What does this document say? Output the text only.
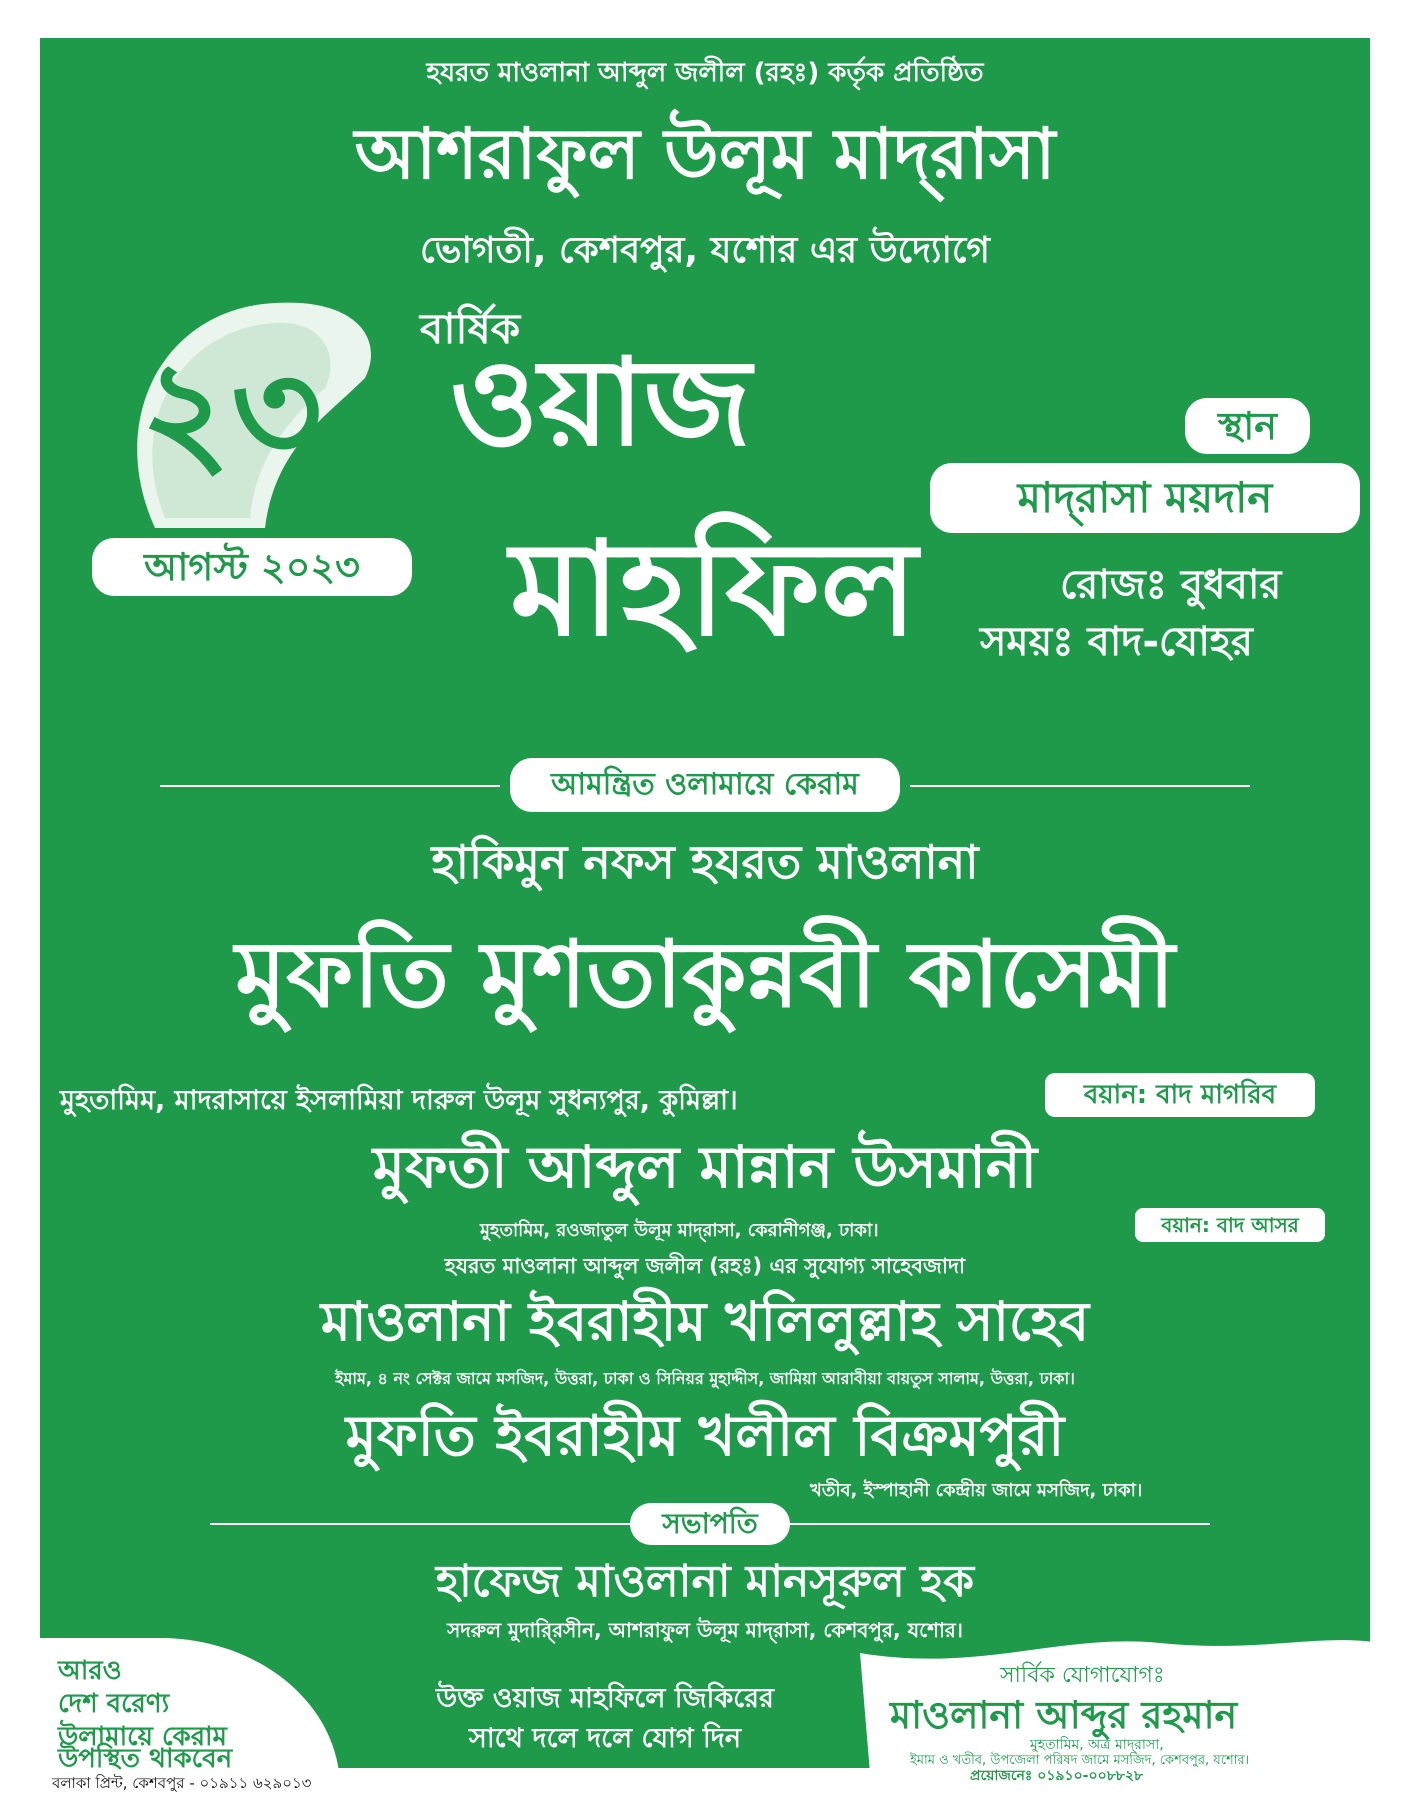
হযরত মাওলানা আব্দুল জলীল (রহঃ) কর্তৃক প্রতিষ্ঠিত
আশরাফুল উলূম মাদ্‌রাসা
ভোগতী, কেশবপুর, যশোর এর উদ্যোগে
বার্ষিক
২৩ ওয়াজ
মাহফিল
আগস্ট ২০২৩
স্থান
মাদ্‌রাসা ময়দান
রোজঃ বুধবার
সময়ঃ বাদ-যোহর
আমন্ত্রিত ওলামায়ে কেরাম
হাকিমুন নফস হযরত মাওলানা
মুফতি মুশতাকুন্নবী কাসেমী
মুহতামিম, মাদরাসায়ে ইসলামিয়া দারুল উলূম সুধন্যপুর, কুমিল্লা।	বয়ান: বাদ মাগরিব
মুফতী আব্দুল মান্নান উসমানী
মুহতামিম, রওজাতুল উলূম মাদ্‌রাসা, কেরানীগঞ্জ, ঢাকা।	বয়ান: বাদ আসর
হযরত মাওলানা আব্দুল জলীল (রহঃ) এর সুযোগ্য সাহেবজাদা
মাওলানা ইবরাহীম খলিলুল্লাহ সাহেব
ইমাম, ৪ নং সেক্টর জামে মসজিদ, উত্তরা, ঢাকা ও সিনিয়র মুহাদ্দীস, জামিয়া আরাবীয়া বায়তুস সালাম, উত্তরা, ঢাকা।
মুফতি ইবরাহীম খলীল বিক্রমপুরী
খতীব, ইস্পাহানী কেন্দ্রীয় জামে মসজিদ, ঢাকা।
সভাপতি
হাফেজ মাওলানা মানসূরুল হক
সদরুল মুদারি্রসীন, আশরাফুল উলূম মাদ্‌রাসা, কেশবপুর, যশোর।
আরও
দেশ বরেণ্য
উলামায়ে কেরাম
উপস্থিত থাকবেন
উক্ত ওয়াজ মাহফিলে জিকিরের
সাথে দলে দলে যোগ দিন
সার্বিক যোগাযোগঃ
মাওলানা আব্দুর রহমান
মুহতামিম, অত্র মাদ্‌রাসা,
ইমাম ও খতীব, উপজেলা পরিষদ জামে মসজিদ, কেশবপুর, যশোর।
প্রয়োজনেঃ ০১৯১০-০০৮৮২৮
বলাকা প্রিন্ট, কেশবপুর - ০১৯১১ ৬২৯০১৩
